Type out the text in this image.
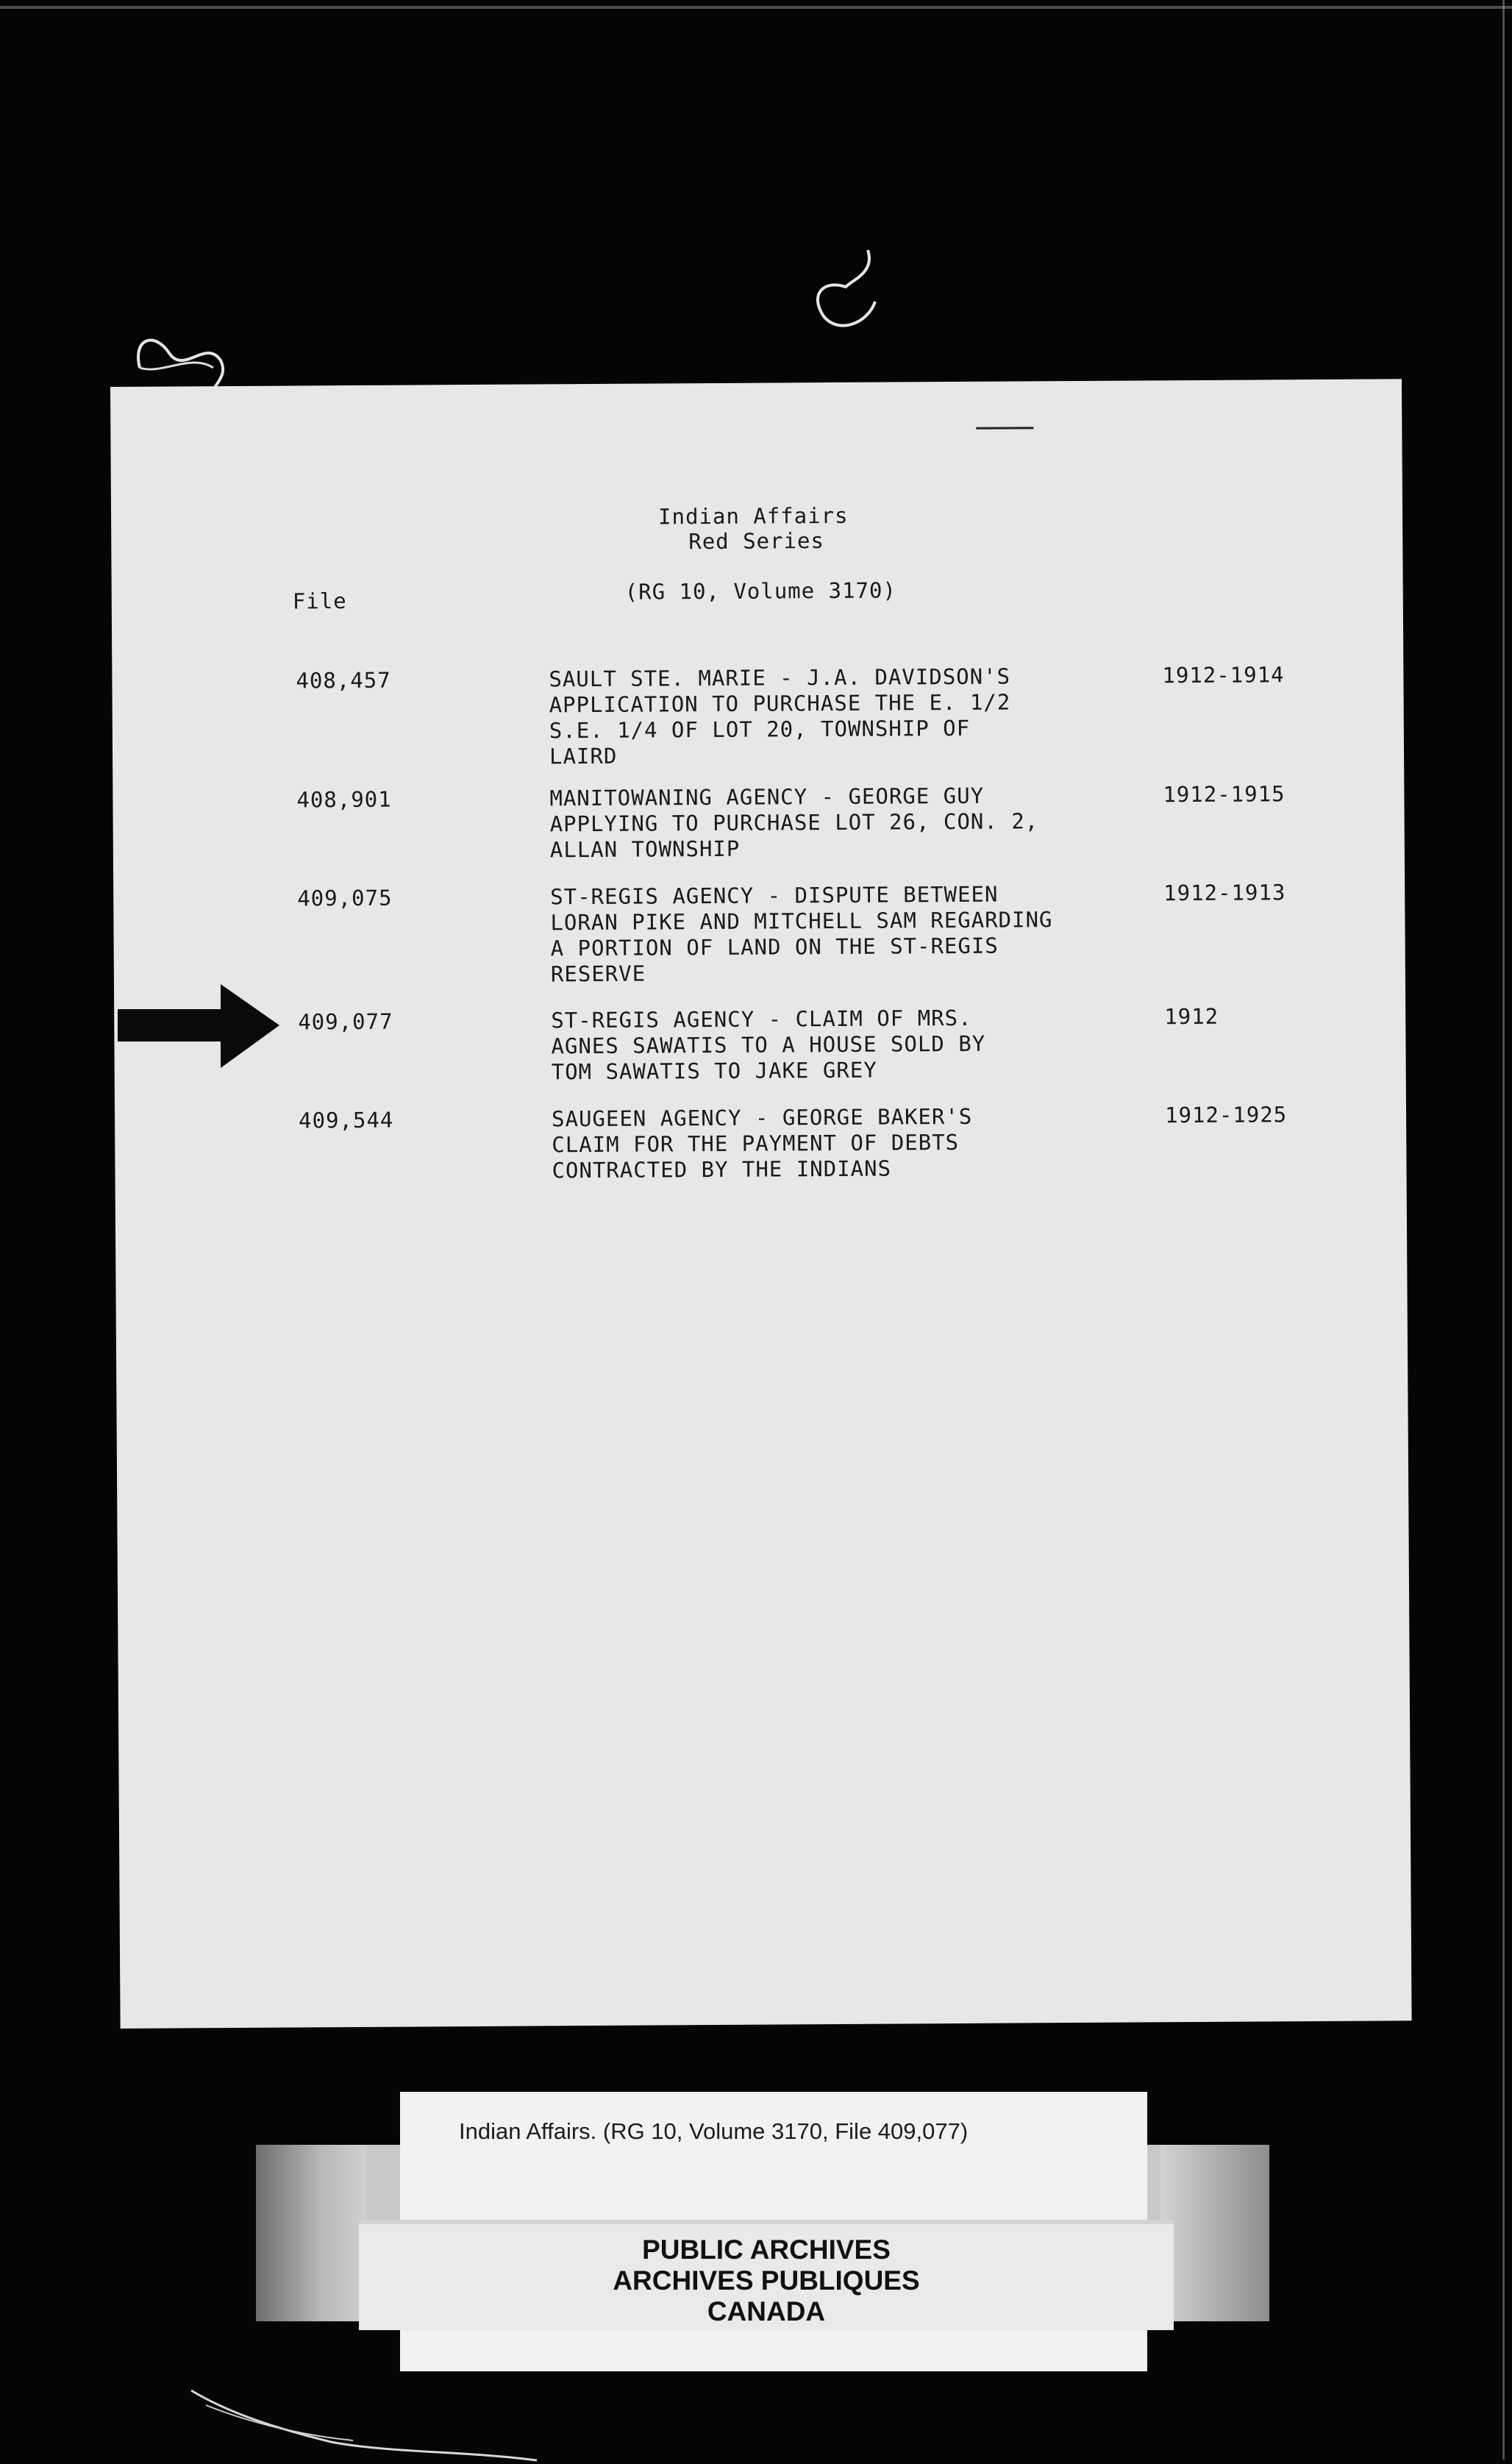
Indian Affairs
Red Series
(RG 10, Volume 3170)
File
408,457	SAULT STE. MARIE - J.A. DAVIDSON'S
APPLICATION TO PURCHASE THE E. 1/2
S.E. 1/4 OF LOT 20, TOWNSHIP OF
LAIRD
1912-1914
408,901	MANITOWANING AGENCY - GEORGE GUY
APPLYING TO PURCHASE LOT 26, CON. 2,
ALLAN TOWNSHIP
1912-1915
409,075	ST-REGIS AGENCY - DISPUTE BETWEEN
LORAN PIKE AND MITCHELL SAM REGARDING
A PORTION OF LAND ON THE ST-REGIS
RESERVE
1912-1913
409,077	ST-REGIS AGENCY - CLAIM OF MRS.
AGNES SAWATIS TO A HOUSE SOLD BY
TOM SAWATIS TO JAKE GREY
1912
409,544	SAUGEEN AGENCY - GEORGE BAKER'S
CLAIM FOR THE PAYMENT OF DEBTS
CONTRACTED BY THE INDIANS
1912-1925
Indian Affairs. (RG 10, Volume 3170, File 409,077)
PUBLIC ARCHIVES
ARCHIVES PUBLIQUES
CANADA
